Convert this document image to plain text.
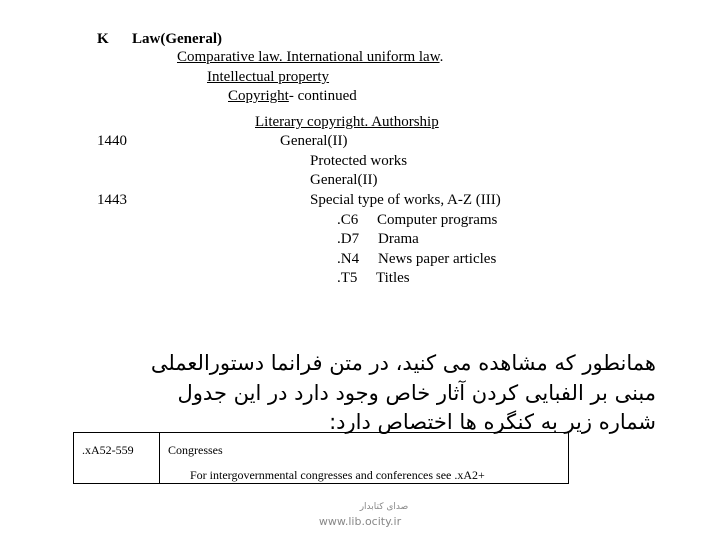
K Law(General)
Comparative law. International uniform law.
Intellectual property
Copyright- continued
Literary copyright. Authorship
1440	General(II)
Protected works
General(II)
1443	Special type of works, A-Z (III)
.C6 Computer programs
.D7 Drama
.N4 News paper articles
.T5 Titles
همانطور که مشاهده می کنید، در متن فرانما دستورالعملی
مبنی بر الفبایی کردن آثار خاص وجود دارد در این جدول
شماره زیر به کنگره ها اختصاص دارد:
.xA52-559	Congresses
For intergovernmental congresses and conferences see .xA2+
صدای کتابدار
www.lib.ocity.ir
